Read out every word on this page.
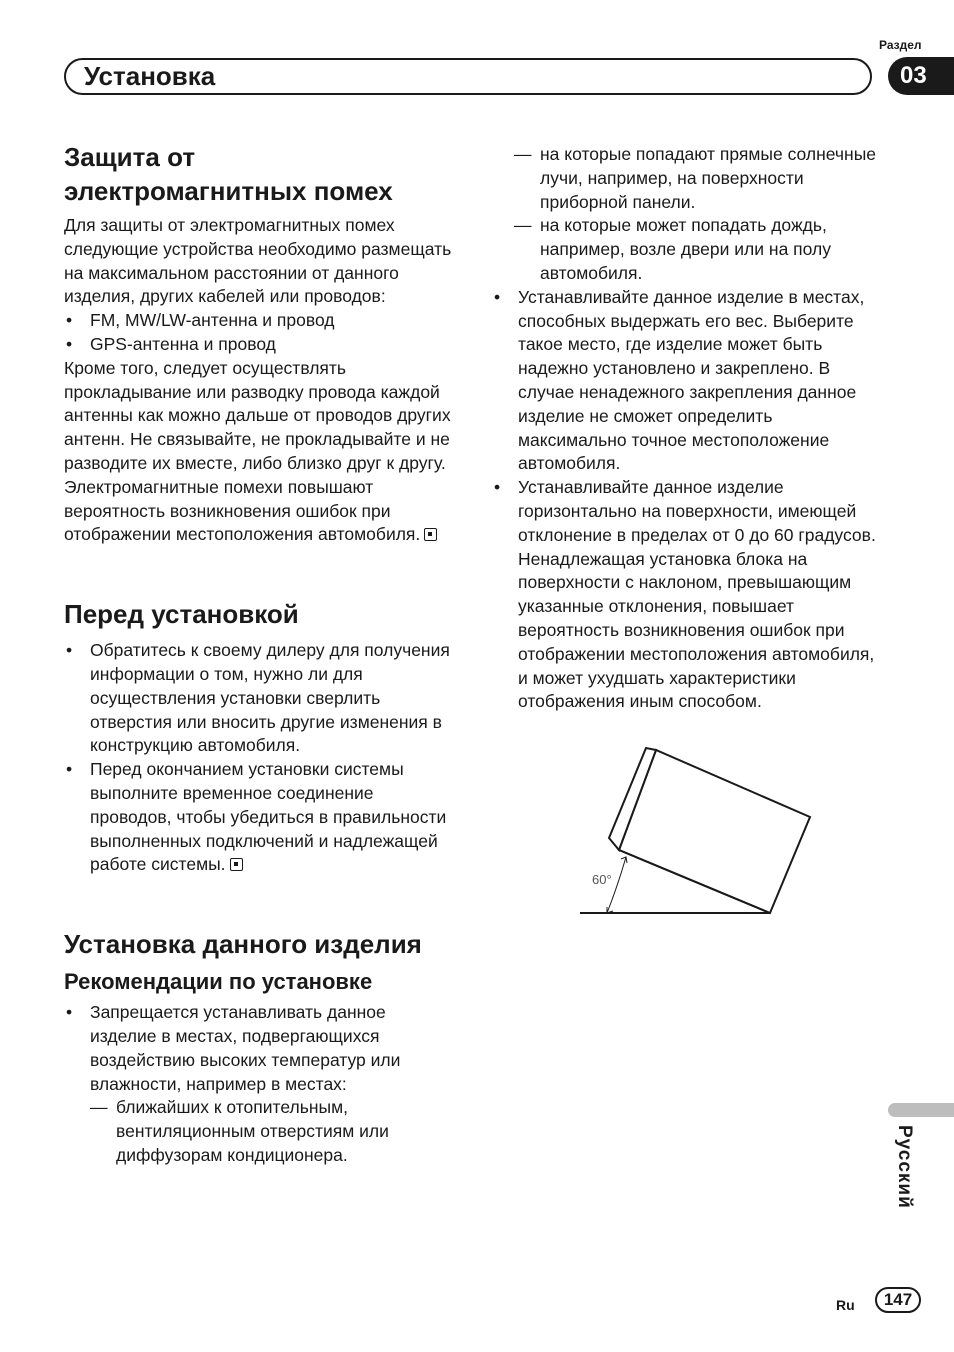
Раздел
Установка	03
Защита от
электромагнитных помех

Для защиты от электромагнитных помех следующие устройства необходимо размещать на максимальном расстоянии от данного изделия, других кабелей или проводов:

• FM, MW/LW-антенна и провод
• GPS-антенна и провод

Кроме того, следует осуществлять прокладывание или разводку провода каждой антенны как можно дальше от проводов других антенн. Не связывайте, не прокладывайте и не разводите их вместе, либо близко друг к другу. Электромагнитные помехи повышают вероятность возникновения ошибок при отображении местоположения автомобиля.

Перед установкой
• Обратитесь к своему дилеру для получения информации о том, нужно ли для осуществления установки сверлить отверстия или вносить другие изменения в конструкцию автомобиля.
• Перед окончанием установки системы выполните временное соединение проводов, чтобы убедиться в правильности выполненных подключений и надлежащей работе системы.
Установка данного изделия
Рекомендации по установке
• Запрещается устанавливать данное изделие в местах, подвергающихся воздействию высоких температур или влажности, например в местах:
— ближайших к отопительным, вентиляционным отверстиям или диффузорам кондиционера.
— на которые попадают прямые солнечные лучи, например, на поверхности приборной панели.
— на которые может попадать дождь, например, возле двери или на полу автомобиля.
• Устанавливайте данное изделие в местах, способных выдержать его вес. Выберите такое место, где изделие может быть надежно установлено и закреплено. В случае ненадежного закрепления данное изделие не сможет определить максимально точное местоположение автомобиля.
• Устанавливайте данное изделие горизонтально на поверхности, имеющей отклонение в пределах от 0 до 60 градусов. Ненадлежащая установка блока на поверхности с наклоном, превышающим указанные отклонения, повышает вероятность возникновения ошибок при отображении местоположения автомобиля, и может ухудшать характеристики отображения иным способом.
60°
Русский
Ru	147
